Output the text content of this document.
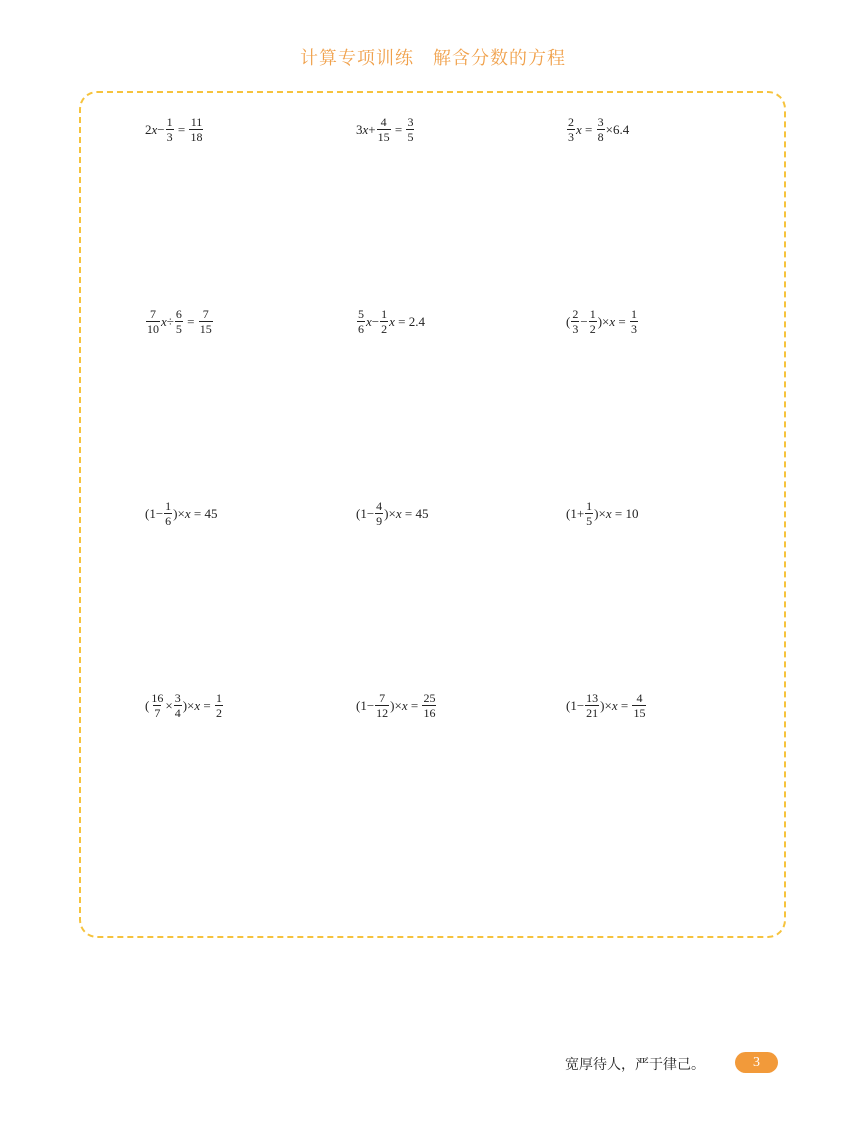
计算专项训练　解含分数的方程
2 $x - \frac{1}{3} = \frac{11}{18}$	3 $x + \frac{4}{15} = \frac{3}{5}$	$\frac{2}{3}$ $x = \frac{3}{8} \times 6.4$
$\frac{7}{10}$ $x \div \frac{6}{5} = \frac{7}{15}$	$\frac{5}{6}$ $x - \frac{1}{2}$ x = 2.4	( $\frac{2}{3} - \frac{1}{2}$ )× $x = \frac{1}{3}$
($1- \frac{1}{6}$ )× x = 45	($1- \frac{4}{9}$ )× x = 45	($1+ \frac{1}{5}$ )× x = 10
( $\frac{16}{7} \times \frac{3}{4}$ )× $x = \frac{1}{2}$	($1- \frac{7}{12}$ )× $x = \frac{25}{16}$	($1- \frac{13}{21}$ )× $x = \frac{4}{15}$
宽厚待人，严于律己。	3
